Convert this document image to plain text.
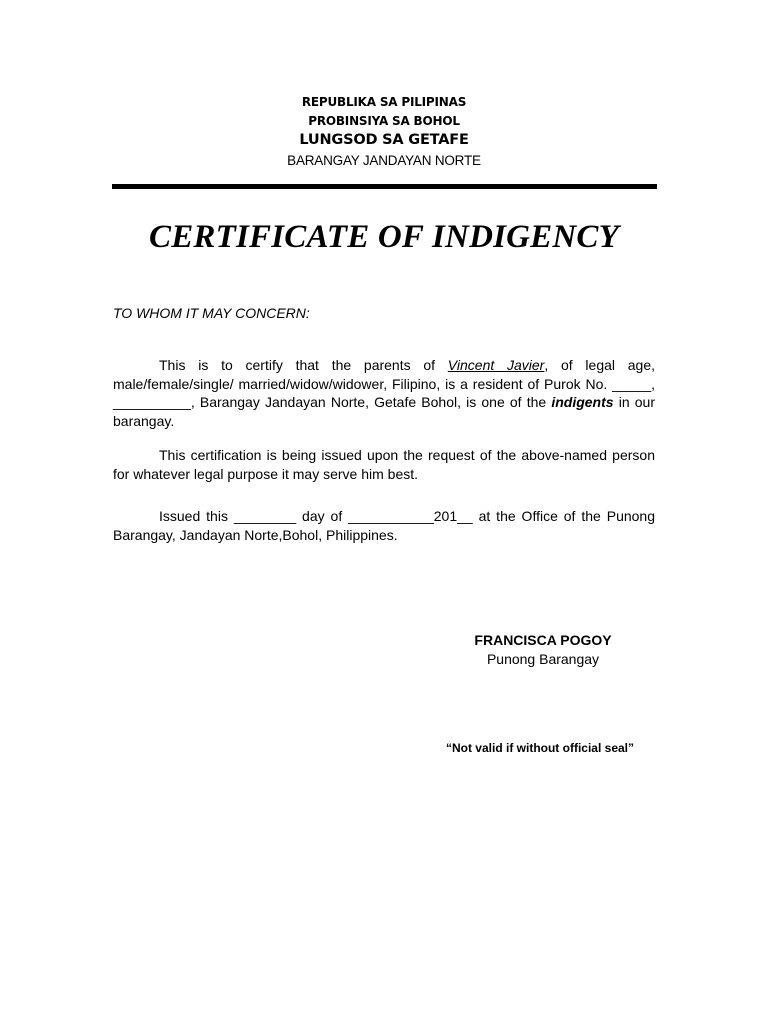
REPUBLIKA SA PILIPINAS
PROBINSIYA SA BOHOL
LUNGSOD SA GETAFE
BARANGAY JANDAYAN NORTE
CERTIFICATE OF INDIGENCY
TO WHOM IT MAY CONCERN:
This is to certify that the parents of Vincent Javier, of legal age, male/female/single/ married/widow/widower, Filipino, is a resident of Purok No. _____, __________, Barangay Jandayan Norte, Getafe Bohol, is one of the indigents in our barangay.
This certification is being issued upon the request of the above-named person for whatever legal purpose it may serve him best.
Issued this ________ day of ___________201__ at the Office of the Punong Barangay, Jandayan Norte,Bohol, Philippines.
FRANCISCA POGOY
Punong Barangay
“Not valid if without official seal”
